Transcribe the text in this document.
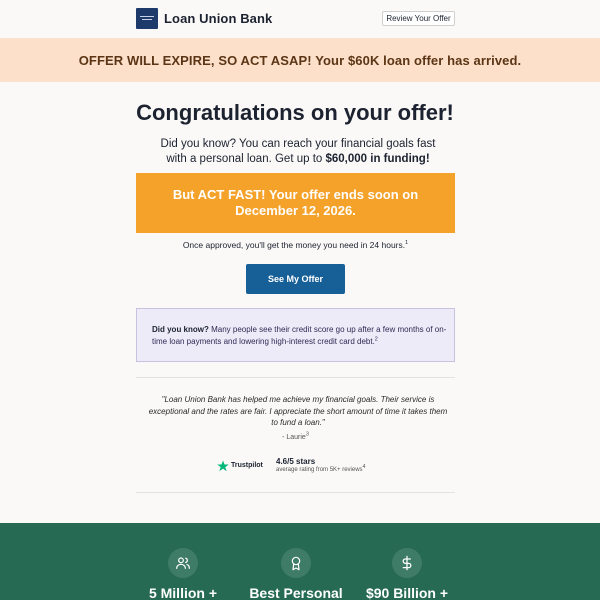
Loan Union Bank	Review Your Offer
OFFER WILL EXPIRE, SO ACT ASAP! Your $60K loan offer has arrived.
Congratulations on your offer!
Did you know? You can reach your financial goals fast with a personal loan. Get up to $60,000 in funding!
But ACT FAST! Your offer ends soon on
December 12, 2026.
Once approved, you'll get the money you need in 24 hours.$^1$
See My Offer
Did you know? Many people see their credit score go up after a few months of on-time loan payments and lowering high-interest credit card debt.$^2$
"Loan Union Bank has helped me achieve my financial goals. Their service is exceptional and the rates are fair. I appreciate the short amount of time it takes them to fund a loan."
- Laurie$^3$
Trustpilot 4.6/5 stars
average rating from 5K+ reviews$^4$
5 Million +	Best Personal	$90 Billion +
